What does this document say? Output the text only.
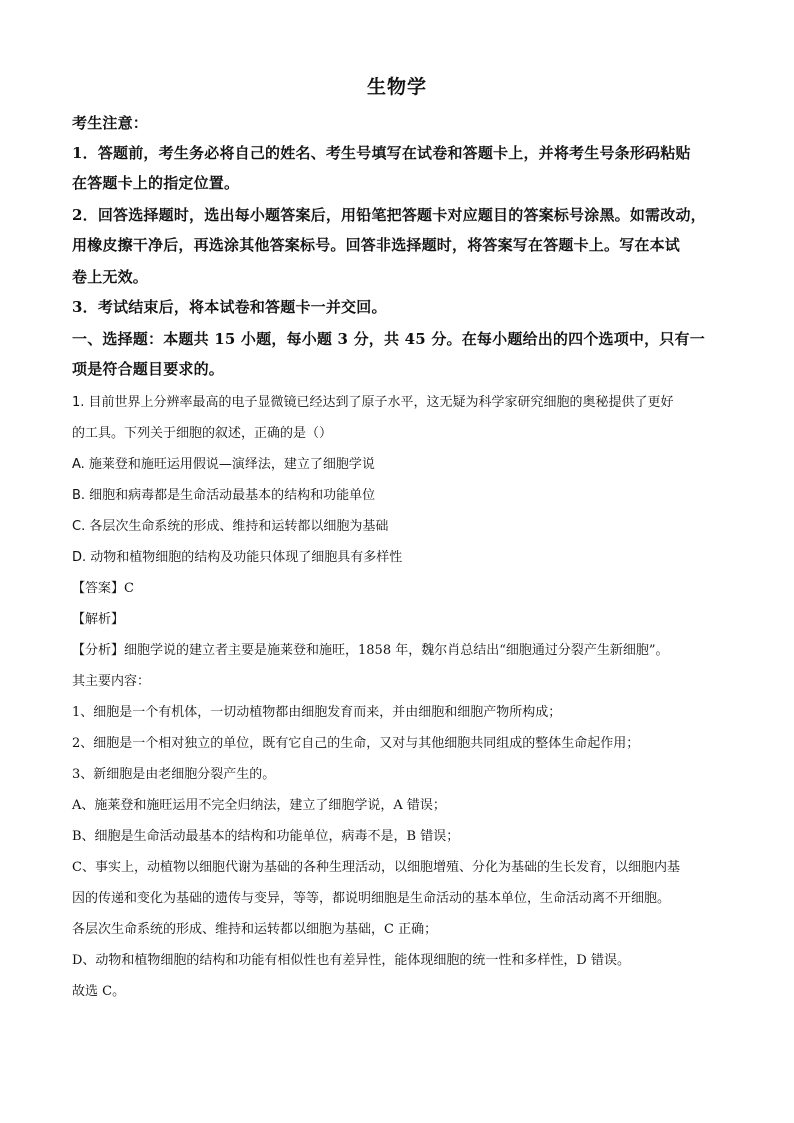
生物学
考生注意：
1．答题前，考生务必将自己的姓名、考生号填写在试卷和答题卡上，并将考生号条形码粘贴
在答题卡上的指定位置。
2．回答选择题时，选出每小题答案后，用铅笔把答题卡对应题目的答案标号涂黑。如需改动，
用橡皮擦干净后，再选涂其他答案标号。回答非选择题时，将答案写在答题卡上。写在本试
卷上无效。
3．考试结束后，将本试卷和答题卡一并交回。
一、选择题：本题共 15 小题，每小题 3 分，共 45 分。在每小题给出的四个选项中，只有一
项是符合题目要求的。
1. 目前世界上分辨率最高的电子显微镜已经达到了原子水平，这无疑为科学家研究细胞的奥秘提供了更好
的工具。下列关于细胞的叙述，正确的是（）
A. 施莱登和施旺运用假说—演绎法，建立了细胞学说
B. 细胞和病毒都是生命活动最基本的结构和功能单位
C. 各层次生命系统的形成、维持和运转都以细胞为基础
D. 动物和植物细胞的结构及功能只体现了细胞具有多样性
【答案】C
【解析】
【分析】细胞学说的建立者主要是施莱登和施旺，1858 年，魏尔肖总结出“细胞通过分裂产生新细胞”。
其主要内容：
1、细胞是一个有机体，一切动植物都由细胞发育而来，并由细胞和细胞产物所构成；
2、细胞是一个相对独立的单位，既有它自己的生命，又对与其他细胞共同组成的整体生命起作用；
3、新细胞是由老细胞分裂产生的。
A、施莱登和施旺运用不完全归纳法，建立了细胞学说，A 错误；
B、细胞是生命活动最基本的结构和功能单位，病毒不是，B 错误；
C、事实上，动植物以细胞代谢为基础的各种生理活动，以细胞增殖、分化为基础的生长发育，以细胞内基
因的传递和变化为基础的遗传与变异，等等，都说明细胞是生命活动的基本单位，生命活动离不开细胞。
各层次生命系统的形成、维持和运转都以细胞为基础，C 正确；
D、动物和植物细胞的结构和功能有相似性也有差异性，能体现细胞的统一性和多样性，D 错误。
故选 C。
